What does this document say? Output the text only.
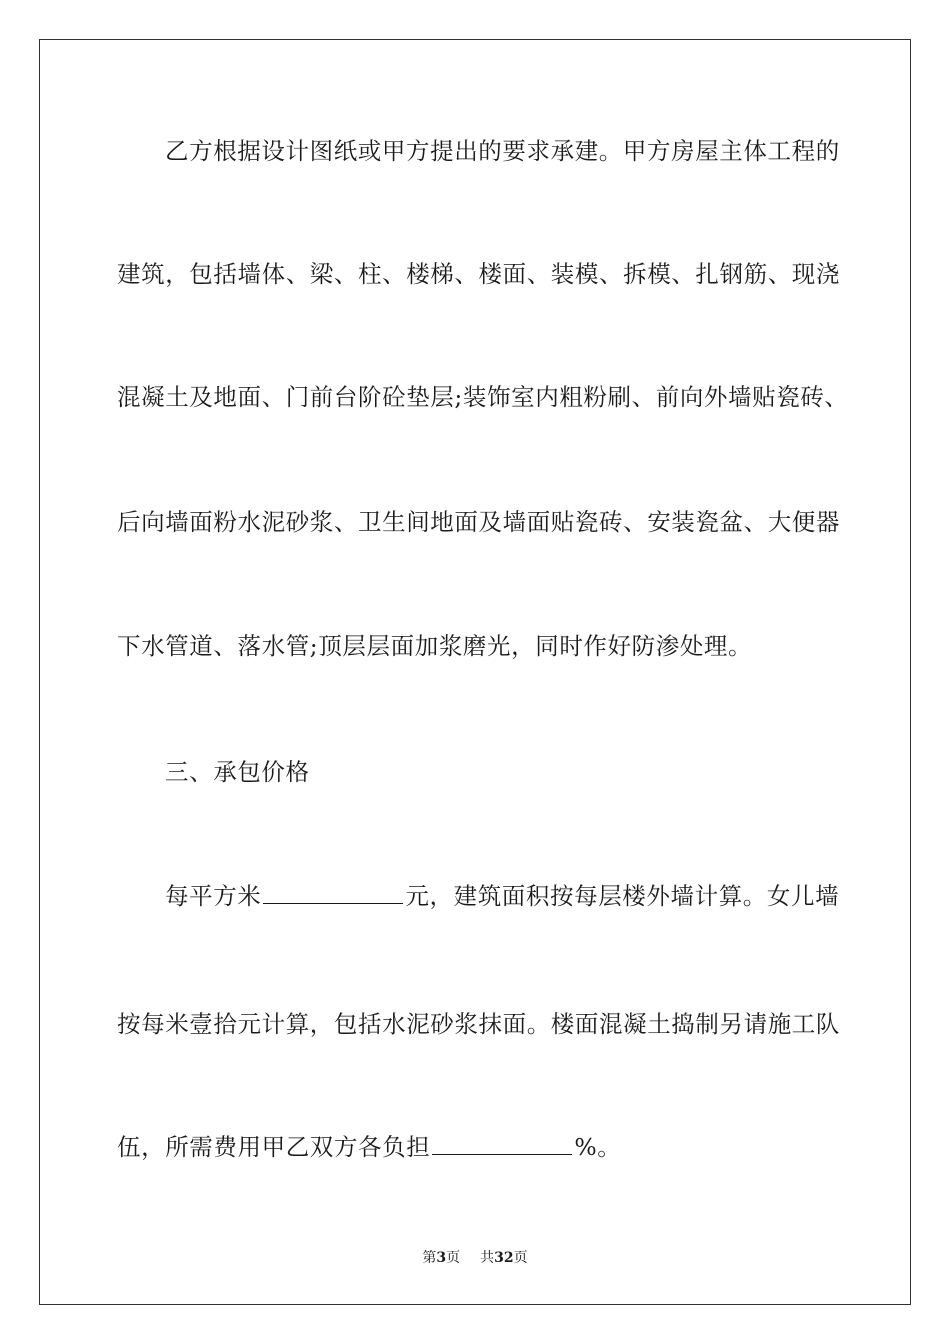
乙方根据设计图纸或甲方提出的要求承建。甲方房屋主体工程的
建筑，包括墙体、梁、柱、楼梯、楼面、装模、拆模、扎钢筋、现浇
混凝土及地面、门前台阶砼垫层;装饰室内粗粉刷、前向外墙贴瓷砖、
后向墙面粉水泥砂浆、卫生间地面及墙面贴瓷砖、安装瓷盆、大便器
下水管道、落水管;顶层层面加浆磨光，同时作好防渗处理。
三、承包价格
每平方米	元，建筑面积按每层楼外墙计算。女儿墙
按每米壹拾元计算，包括水泥砂浆抹面。楼面混凝土捣制另请施工队
伍，所需费用甲乙双方各负担	%。
第3页 共32页
